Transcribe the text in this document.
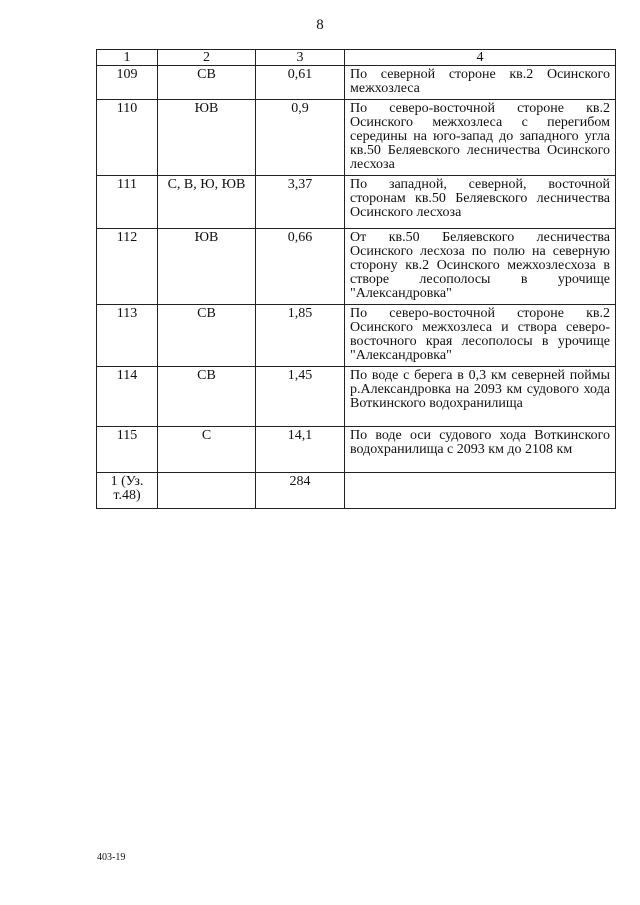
8
1	2	3	4
109	СВ	0,61	По северной стороне кв.2 Осинского межхозлеса
110	ЮВ	0,9	По северо-восточной стороне кв.2 Осинского межхозлеса с перегибом середины на юго-запад до западного угла кв.50 Беляевского лесничества Осинского лесхоза
111	С, В, Ю, ЮВ	3,37	По западной, северной, восточной сторонам кв.50 Беляевского лесничества Осинского лесхоза
112	ЮВ	0,66	От кв.50 Беляевского лесничества Осинского лесхоза по полю на северную сторону кв.2 Осинского межхозлесхоза в створе лесополосы в урочище "Александровка"
113	СВ	1,85	По северо-восточной стороне кв.2 Осинского межхозлеса и створа северо-восточного края лесополосы в урочище "Александровка"
114	СВ	1,45	По воде с берега в 0,3 км северней поймы р.Александровка на 2093 км судового хода Воткинского водохранилища
115	С	14,1	По воде оси судового хода Воткинского водохранилища с 2093 км до 2108 км
1 (Уз. т.48)		284	
403-19
